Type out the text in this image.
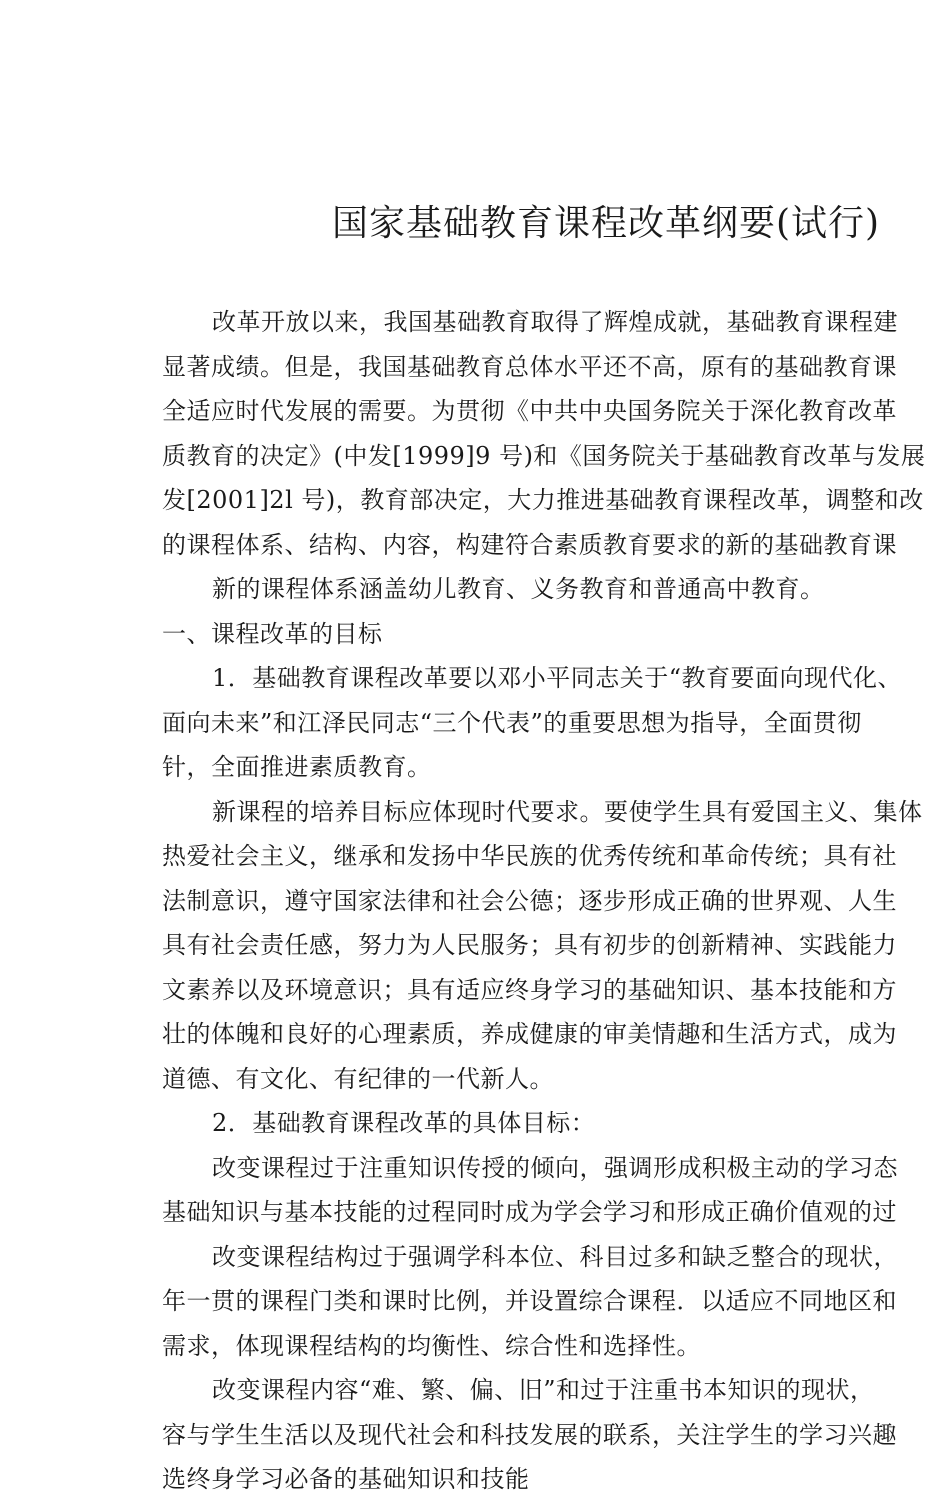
国家基础教育课程改革纲要(试行)
改革开放以来，我国基础教育取得了辉煌成就，基础教育课程建
显著成绩。但是，我国基础教育总体水平还不高，原有的基础教育课
全适应时代发展的需要。为贯彻《中共中央国务院关于深化教育改革
质教育的决定》(中发[1999]9 号)和《国务院关于基础教育改革与发展
发[2001]2l 号)，教育部决定，大力推进基础教育课程改革，调整和改
的课程体系、结构、内容，构建符合素质教育要求的新的基础教育课
新的课程体系涵盖幼儿教育、义务教育和普通高中教育。
一、课程改革的目标
1．基础教育课程改革要以邓小平同志关于“教育要面向现代化、
面向未来”和江泽民同志“三个代表”的重要思想为指导，全面贯彻
针，全面推进素质教育。
新课程的培养目标应体现时代要求。要使学生具有爱国主义、集体
热爱社会主义，继承和发扬中华民族的优秀传统和革命传统；具有社
法制意识，遵守国家法律和社会公德；逐步形成正确的世界观、人生
具有社会责任感，努力为人民服务；具有初步的创新精神、实践能力
文素养以及环境意识；具有适应终身学习的基础知识、基本技能和方
壮的体魄和良好的心理素质，养成健康的审美情趣和生活方式，成为
道德、有文化、有纪律的一代新人。
2．基础教育课程改革的具体目标：
改变课程过于注重知识传授的倾向，强调形成积极主动的学习态
基础知识与基本技能的过程同时成为学会学习和形成正确价值观的过
改变课程结构过于强调学科本位、科目过多和缺乏整合的现状，
年一贯的课程门类和课时比例，并设置综合课程．以适应不同地区和
需求，体现课程结构的均衡性、综合性和选择性。
改变课程内容“难、繁、偏、旧”和过于注重书本知识的现状，
容与学生生活以及现代社会和科技发展的联系，关注学生的学习兴趣
选终身学习必备的基础知识和技能
